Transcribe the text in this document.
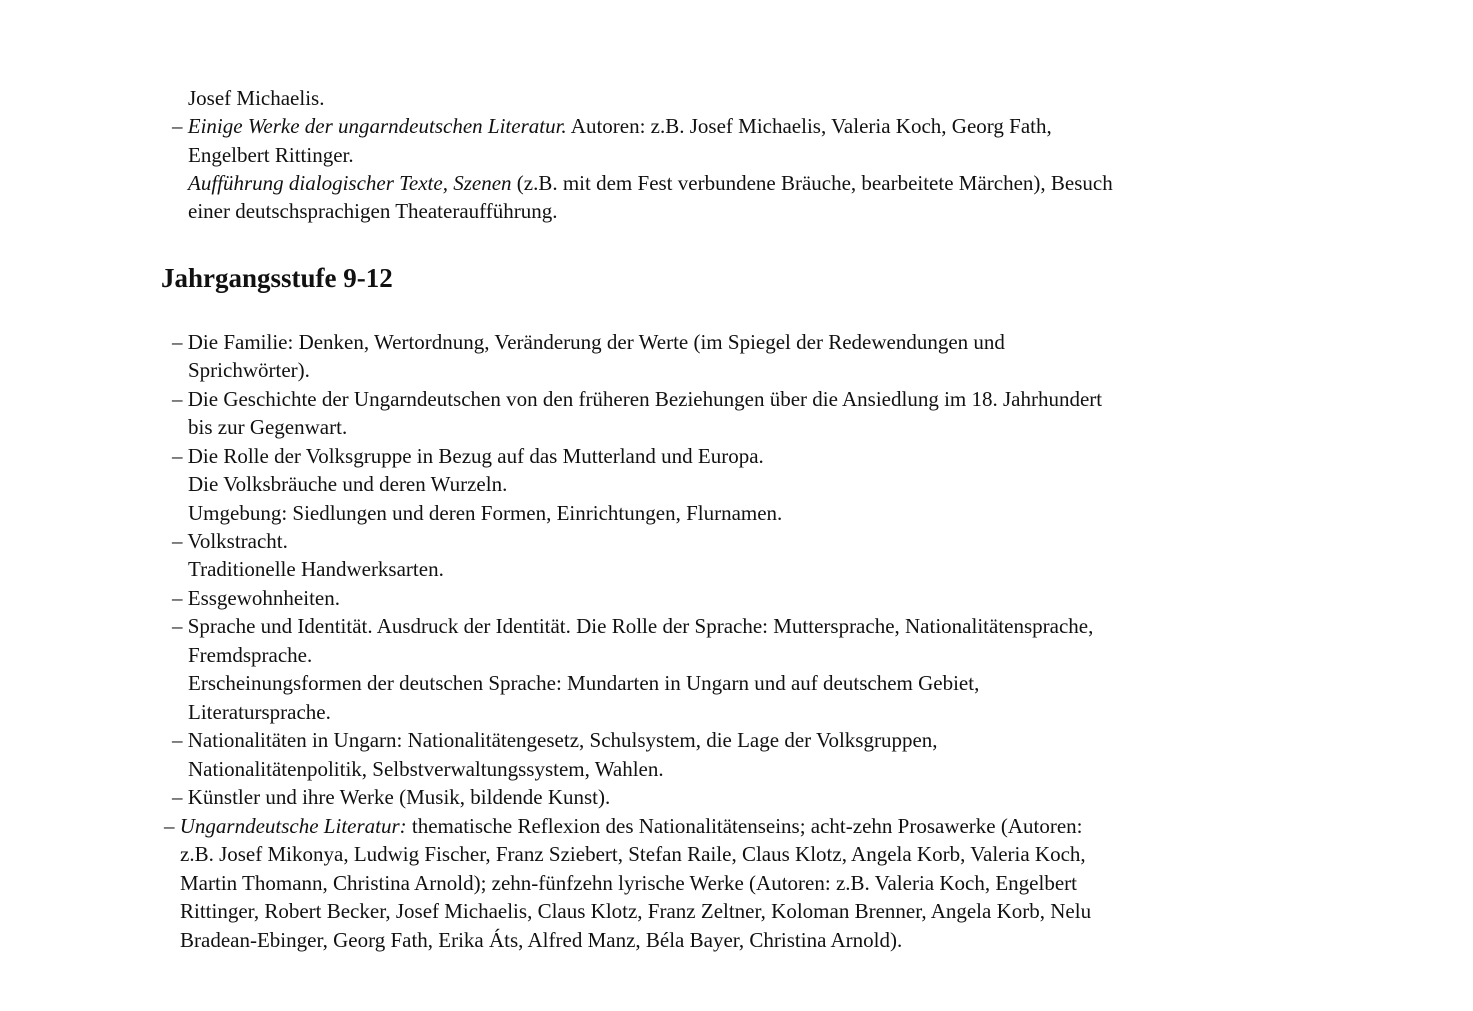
Josef Michaelis.
– Einige Werke der ungarndeutschen Literatur. Autoren: z.B. Josef Michaelis, Valeria Koch, Georg Fath,
Engelbert Rittinger.
Aufführung dialogischer Texte, Szenen (z.B. mit dem Fest verbundene Bräuche, bearbeitete Märchen), Besuch
einer deutschsprachigen Theateraufführung.
Jahrgangsstufe 9-12
– Die Familie: Denken, Wertordnung, Veränderung der Werte (im Spiegel der Redewendungen und
Sprichwörter).
– Die Geschichte der Ungarndeutschen von den früheren Beziehungen über die Ansiedlung im 18. Jahrhundert
bis zur Gegenwart.
– Die Rolle der Volksgruppe in Bezug auf das Mutterland und Europa.
Die Volksbräuche und deren Wurzeln.
Umgebung: Siedlungen und deren Formen, Einrichtungen, Flurnamen.
– Volkstracht.
Traditionelle Handwerksarten.
– Essgewohnheiten.
– Sprache und Identität. Ausdruck der Identität. Die Rolle der Sprache: Muttersprache, Nationalitätensprache,
Fremdsprache.
Erscheinungsformen der deutschen Sprache: Mundarten in Ungarn und auf deutschem Gebiet,
Literatursprache.
– Nationalitäten in Ungarn: Nationalitätengesetz, Schulsystem, die Lage der Volksgruppen,
Nationalitätenpolitik, Selbstverwaltungssystem, Wahlen.
– Künstler und ihre Werke (Musik, bildende Kunst).
– Ungarndeutsche Literatur: thematische Reflexion des Nationalitätenseins; acht-zehn Prosawerke (Autoren:
z.B. Josef Mikonya, Ludwig Fischer, Franz Sziebert, Stefan Raile, Claus Klotz, Angela Korb, Valeria Koch,
Martin Thomann, Christina Arnold); zehn-fünfzehn lyrische Werke (Autoren: z.B. Valeria Koch, Engelbert
Rittinger, Robert Becker, Josef Michaelis, Claus Klotz, Franz Zeltner, Koloman Brenner, Angela Korb, Nelu
Bradean-Ebinger, Georg Fath, Erika Áts, Alfred Manz, Béla Bayer, Christina Arnold).
